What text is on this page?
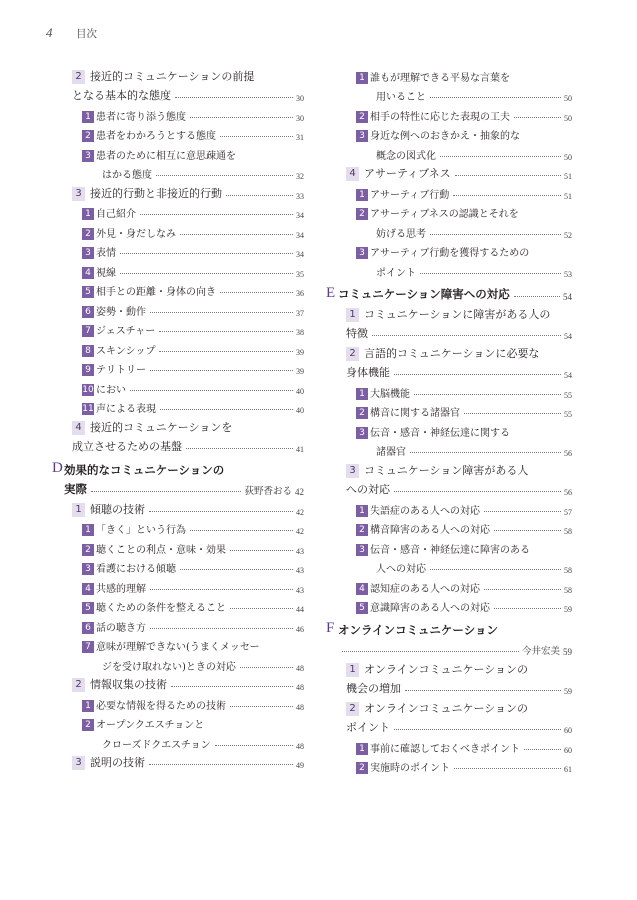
4 目次
2 接近的コミュニケーションの前提
となる基本的な態度	30
1 患者に寄り添う態度	30
2 患者をわかろうとする態度	31
3 患者のために相互に意思疎通を
はかる態度	32
3 接近的行動と非接近的行動	33
1 自己紹介	34
2 外見・身だしなみ	34
3 表情	34
4 視線	35
5 相手との距離・身体の向き	36
6 姿勢・動作	37
7 ジェスチャー	38
8 スキンシップ	39
9 テリトリー	39
10 におい	40
11 声による表現	40
4 接近的コミュニケーションを
成立させるための基盤	41
D 効果的なコミュニケーションの
実際	荻野香おる 42
1 傾聴の技術	42
1 「きく」という行為	42
2 聴くことの利点・意味・効果	43
3 看護における傾聴	43
4 共感的理解	43
5 聴くための条件を整えること	44
6 話の聴き方	46
7 意味が理解できない(うまくメッセー
ジを受け取れない)ときの対応	48
2 情報収集の技術	48
1 必要な情報を得るための技術	48
2 オープンクエスチョンと
クローズドクエスチョン	48
3 説明の技術	49
1 誰もが理解できる平易な言葉を
用いること	50
2 相手の特性に応じた表現の工夫	50
3 身近な例へのおきかえ・抽象的な
概念の図式化	50
4 アサーティブネス	51
1 アサーティブ行動	51
2 アサーティブネスの認識とそれを
妨げる思考	52
3 アサーティブ行動を獲得するための
ポイント	53
E コミュニケーション障害への対応	54
1 コミュニケーションに障害がある人の
特徴	54
2 言語的コミュニケーションに必要な
身体機能	54
1 大脳機能	55
2 構音に関する諸器官	55
3 伝音・感音・神経伝達に関する
諸器官	56
3 コミュニケーション障害がある人
への対応	56
1 失語症のある人への対応	57
2 構音障害のある人への対応	58
3 伝音・感音・神経伝達に障害のある
人への対応	58
4 認知症のある人への対応	58
5 意識障害のある人への対応	59
F オンラインコミュニケーション
今井宏美 59
1 オンラインコミュニケーションの
機会の増加	59
2 オンラインコミュニケーションの
ポイント	60
1 事前に確認しておくべきポイント	60
2 実施時のポイント	61
